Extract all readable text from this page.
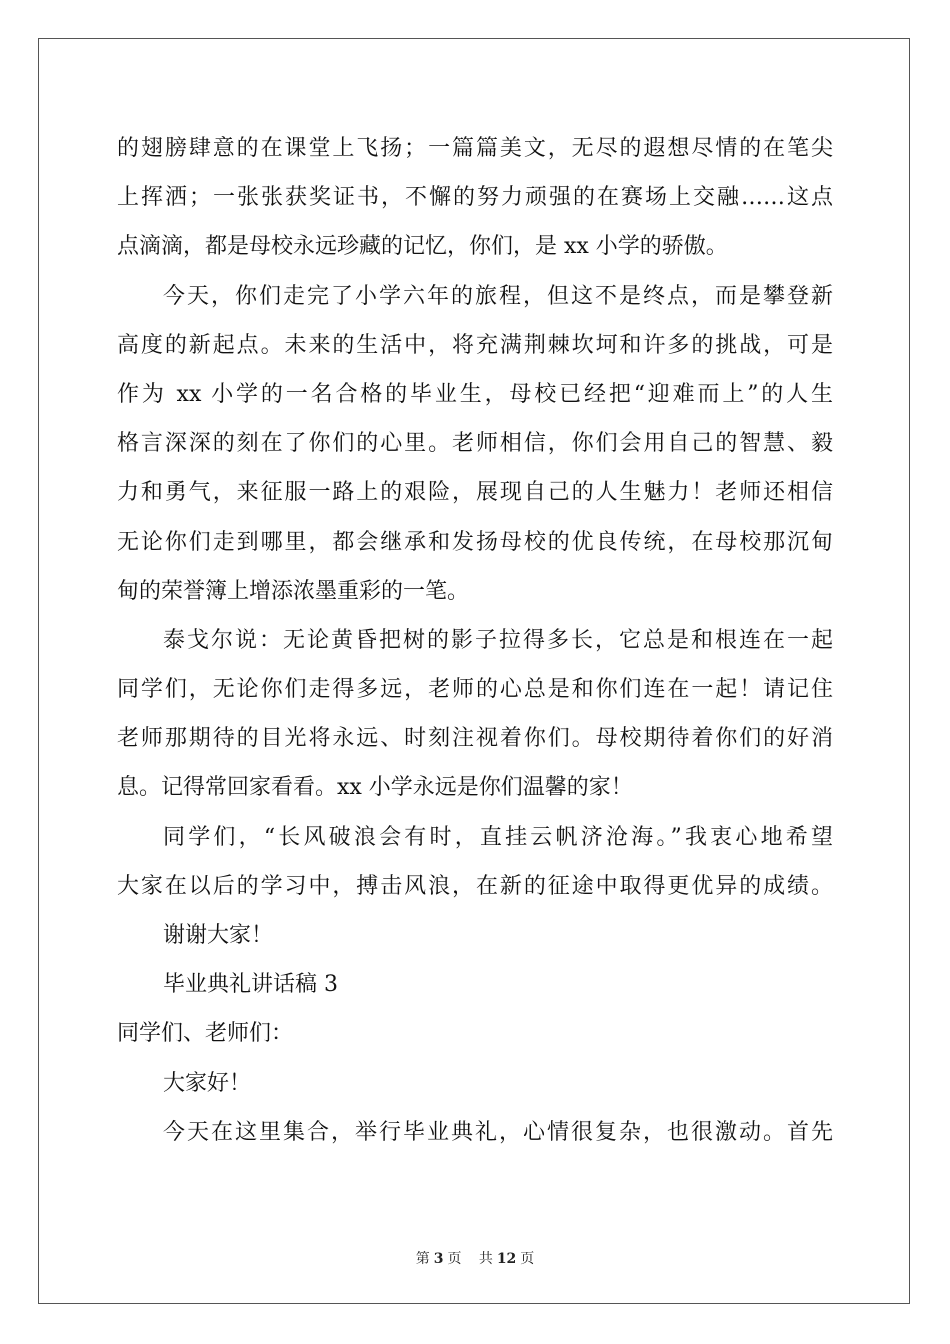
的翅膀肆意的在课堂上飞扬；一篇篇美文，无尽的遐想尽情的在笔尖
上挥洒；一张张获奖证书，不懈的努力顽强的在赛场上交融……这点
点滴滴，都是母校永远珍藏的记忆，你们，是 xx 小学的骄傲。
今天，你们走完了小学六年的旅程，但这不是终点，而是攀登新
高度的新起点。未来的生活中，将充满荆棘坎坷和许多的挑战，可是
作为 xx 小学的一名合格的毕业生，母校已经把“迎难而上”的人生
格言深深的刻在了你们的心里。老师相信，你们会用自己的智慧、毅
力和勇气，来征服一路上的艰险，展现自己的人生魅力！老师还相信
无论你们走到哪里，都会继承和发扬母校的优良传统，在母校那沉甸
甸的荣誉簿上增添浓墨重彩的一笔。
泰戈尔说：无论黄昏把树的影子拉得多长，它总是和根连在一起
同学们，无论你们走得多远，老师的心总是和你们连在一起！请记住
老师那期待的目光将永远、时刻注视着你们。母校期待着你们的好消
息。记得常回家看看。xx 小学永远是你们温馨的家！
同学们，“长风破浪会有时，直挂云帆济沧海。”我衷心地希望
大家在以后的学习中，搏击风浪，在新的征途中取得更优异的成绩。
谢谢大家！
毕业典礼讲话稿 3
同学们、老师们：
大家好！
今天在这里集合，举行毕业典礼，心情很复杂，也很激动。首先
第 3 页 共 12 页
